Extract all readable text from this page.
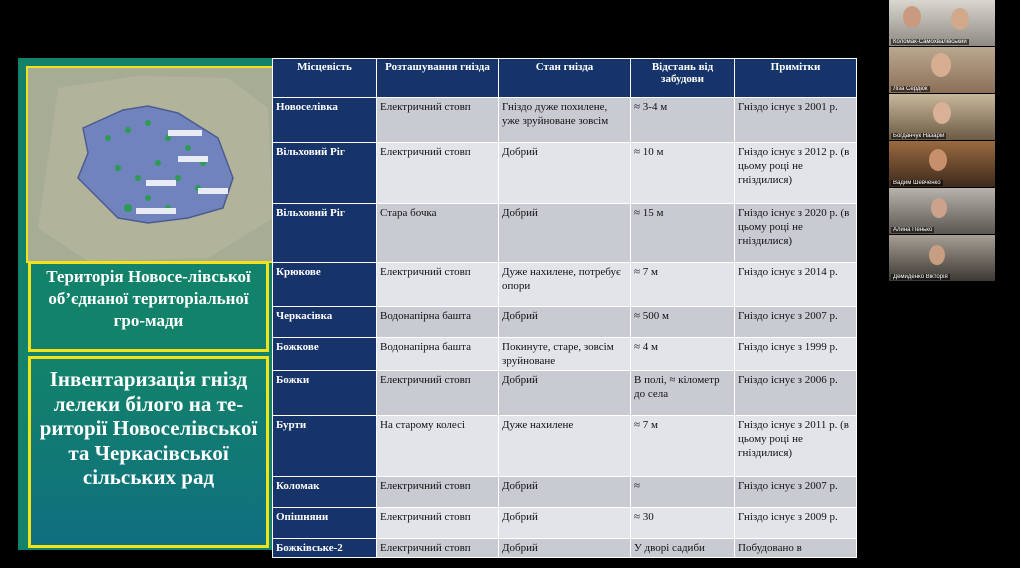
Територія Новосе-лівської об’єднаної територіальної гро-мади
Інвентаризація гнізд лелеки білого на те-риторії Новоселівської та Черкасівської сільських рад
Місцевість	Розташування гнізда	Стан гнізда	Відстань від забудови	Примітки
Новоселівка	Електричний стовп	Гніздо дуже похилене, уже зруйноване зовсім	≈ 3-4 м	Гніздо існує з 2001 р.
Вільховий Ріг	Електричний стовп	Добрий	≈ 10 м	Гніздо існує з 2012 р. (в цьому році не гніздилися)
Вільховий Ріг	Стара бочка	Добрий	≈ 15 м	Гніздо існує з 2020 р. (в цьому році не гніздилися)
Крюкове	Електричний стовп	Дуже нахилене, потребує опори	≈ 7 м	Гніздо існує з 2014 р.
Черкасівка	Водонапірна башта	Добрий	≈ 500 м	Гніздо існує з 2007 р.
Божкове	Водонапірна башта	Покинуте, старе, зовсім зруйноване	≈ 4 м	Гніздо існує з 1999 р.
Божки	Електричний стовп	Добрий	В полі, ≈ кілометр до села	Гніздо існує з 2006 р.
Бурти	На старому колесі	Дуже нахилене	≈ 7 м	Гніздо існує з 2011 р. (в цьому році не гніздилися)
Коломак	Електричний стовп	Добрий	≈	Гніздо існує з 2007 р.
Опішняни	Електричний стовп	Добрий	≈ 30	Гніздо існує з 2009 р.
Божківське-2	Електричний стовп	Добрий	У дворі садиби	Побудовано в
Коломак-Самохвалівський
Ліза Сердюк
Богданчук Назарій
Вадим Шевченко
Алина Пенько
Демиденко Вікторія
